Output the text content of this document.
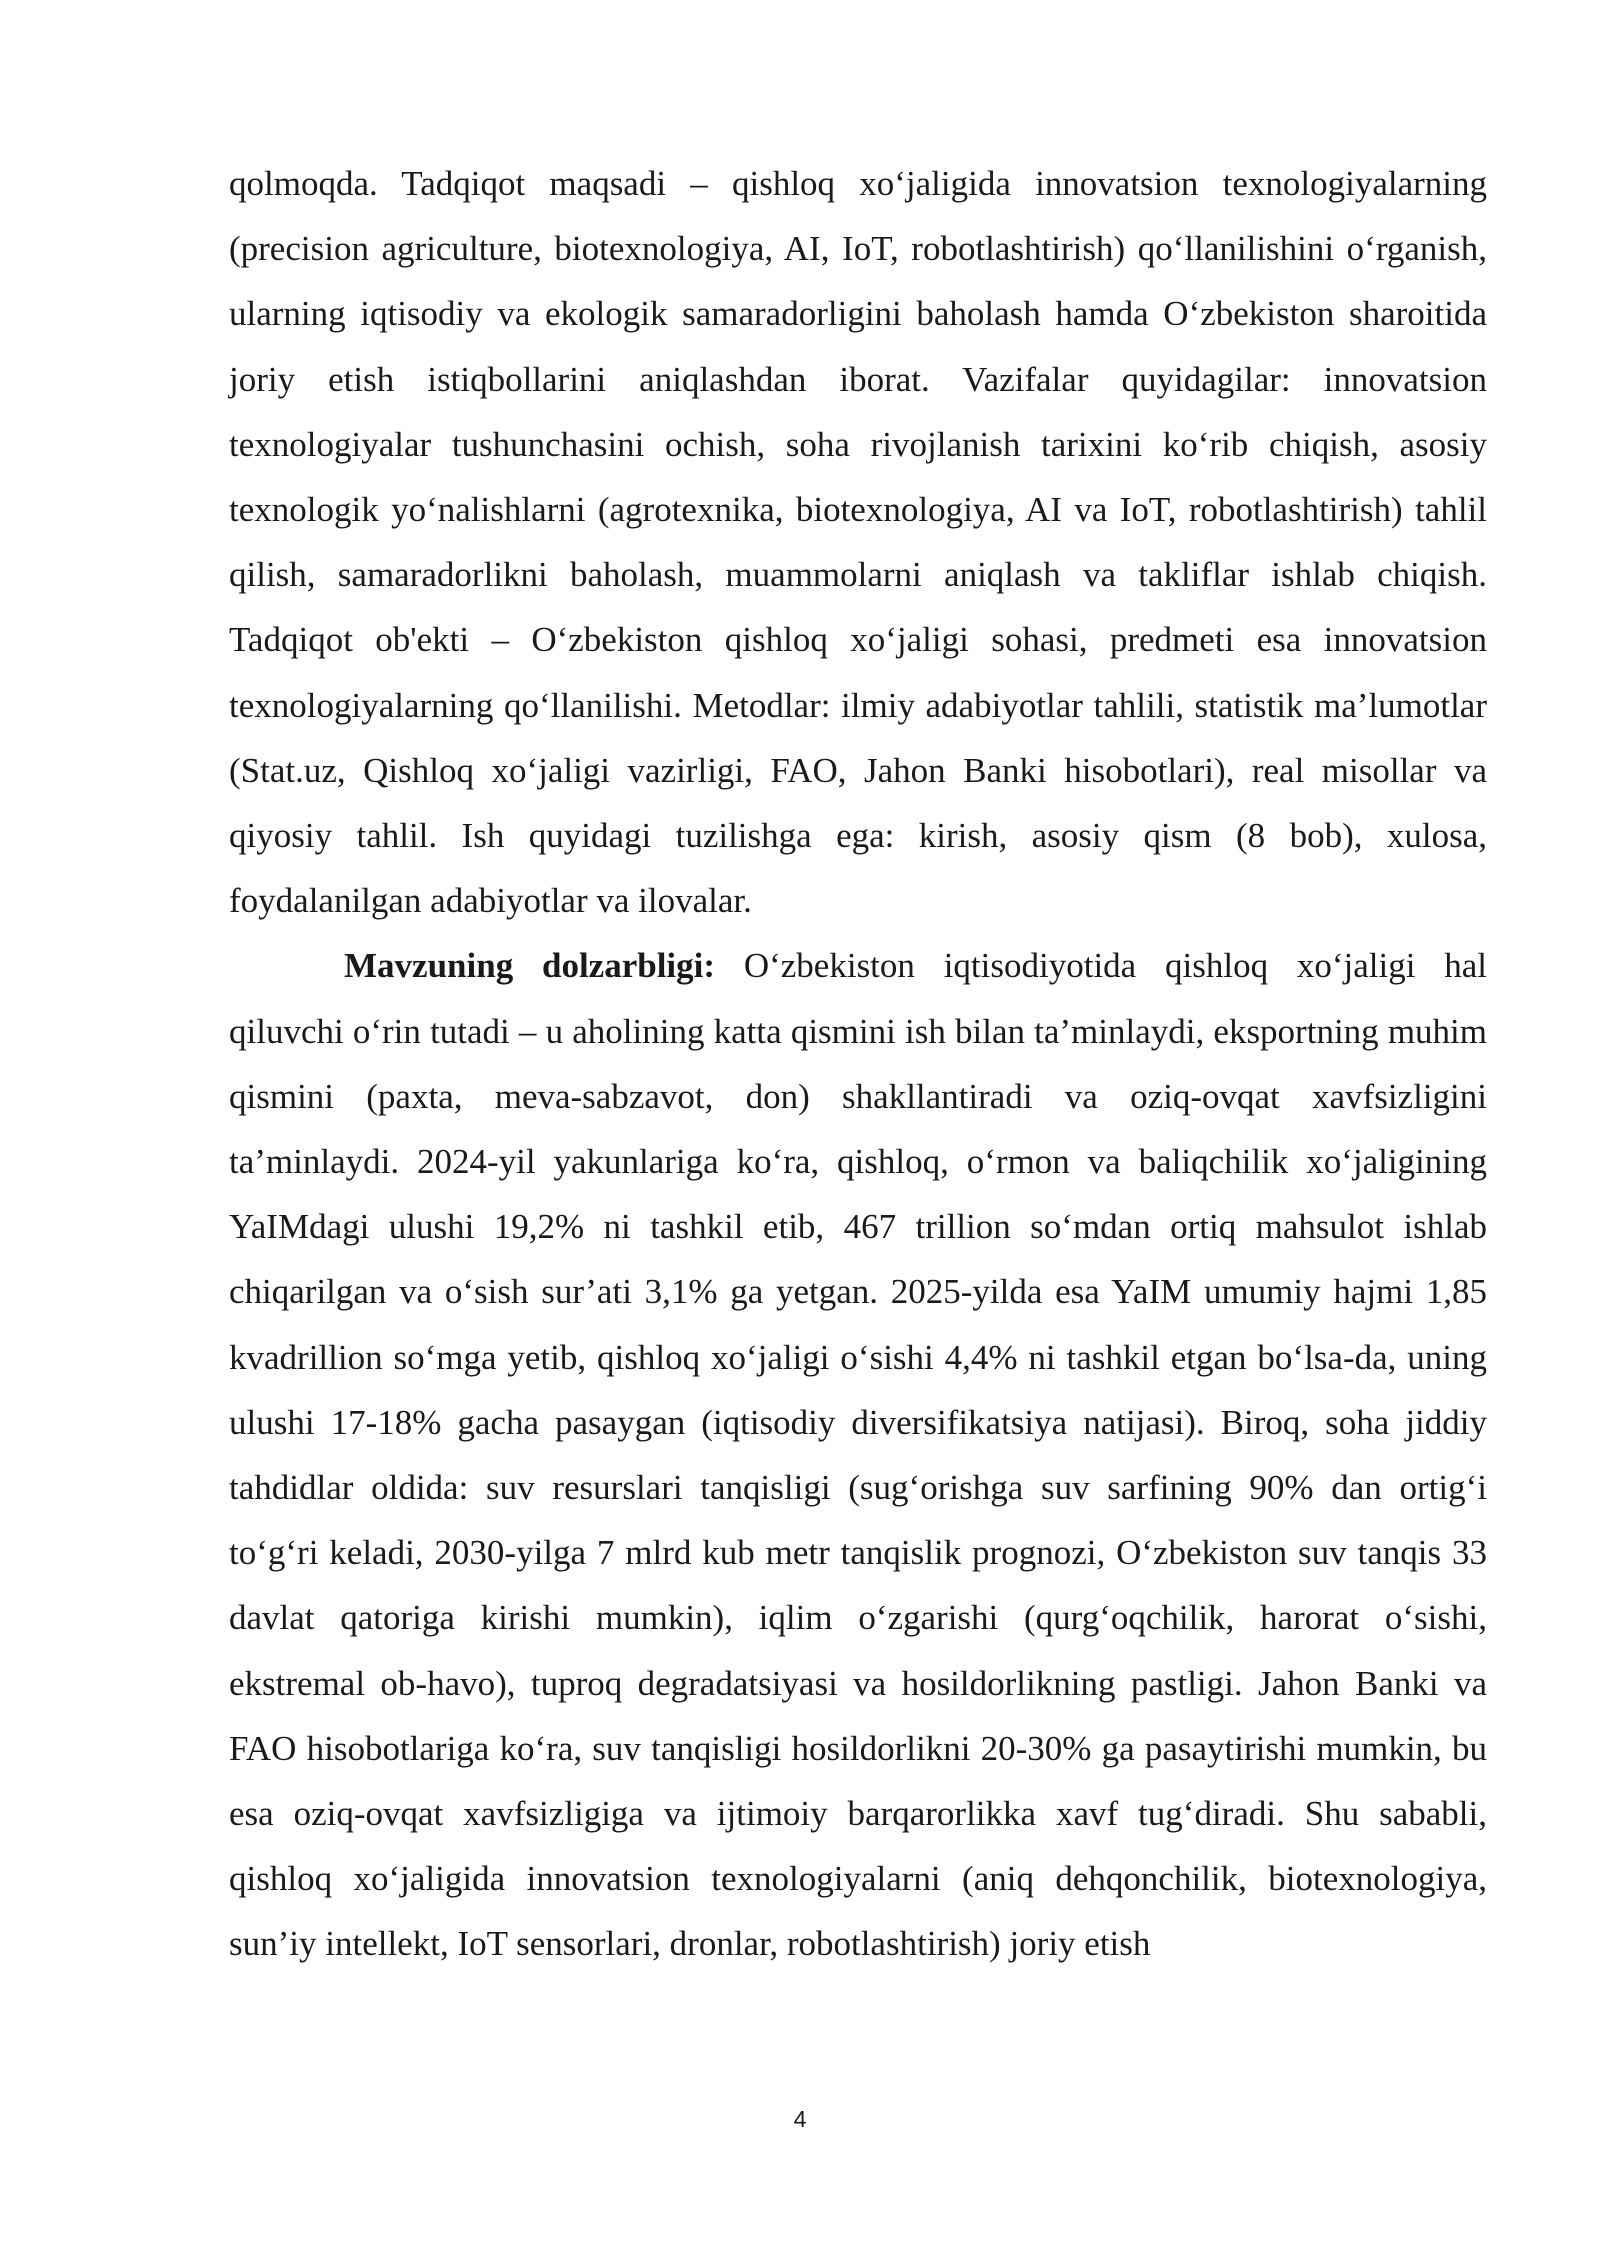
qolmoqda. Tadqiqot maqsadi – qishloq xo‘jaligida innovatsion texnologiyalarning (precision agriculture, biotexnologiya, AI, IoT, robotlashtirish) qo‘llanilishini o‘rganish, ularning iqtisodiy va ekologik samaradorligini baholash hamda O‘zbekiston sharoitida joriy etish istiqbollarini aniqlashdan iborat. Vazifalar quyidagilar: innovatsion texnologiyalar tushunchasini ochish, soha rivojlanish tarixini ko‘rib chiqish, asosiy texnologik yo‘nalishlarni (agrotexnika, biotexnologiya, AI va IoT, robotlashtirish) tahlil qilish, samaradorlikni baholash, muammolarni aniqlash va takliflar ishlab chiqish. Tadqiqot ob'ekti – O‘zbekiston qishloq xo‘jaligi sohasi, predmeti esa innovatsion texnologiyalarning qo‘llanilishi. Metodlar: ilmiy adabiyotlar tahlili, statistik ma’lumotlar (Stat.uz, Qishloq xo‘jaligi vazirligi, FAO, Jahon Banki hisobotlari), real misollar va qiyosiy tahlil. Ish quyidagi tuzilishga ega: kirish, asosiy qism (8 bob), xulosa, foydalanilgan adabiyotlar va ilovalar.

Mavzuning dolzarbligi: O‘zbekiston iqtisodiyotida qishloq xo‘jaligi hal qiluvchi o‘rin tutadi – u aholining katta qismini ish bilan ta’minlaydi, eksportning muhim qismini (paxta, meva-sabzavot, don) shakllantiradi va oziq-ovqat xavfsizligini ta’minlaydi. 2024-yil yakunlariga ko‘ra, qishloq, o‘rmon va baliqchilik xo‘jaligining YaIMdagi ulushi 19,2% ni tashkil etib, 467 trillion so‘mdan ortiq mahsulot ishlab chiqarilgan va o‘sish sur’ati 3,1% ga yetgan. 2025-yilda esa YaIM umumiy hajmi 1,85 kvadrillion so‘mga yetib, qishloq xo‘jaligi o‘sishi 4,4% ni tashkil etgan bo‘lsa-da, uning ulushi 17-18% gacha pasaygan (iqtisodiy diversifikatsiya natijasi). Biroq, soha jiddiy tahdidlar oldida: suv resurslari tanqisligi (sug‘orishga suv sarfining 90% dan ortig‘i to‘g‘ri keladi, 2030-yilga 7 mlrd kub metr tanqislik prognozi, O‘zbekiston suv tanqis 33 davlat qatoriga kirishi mumkin), iqlim o‘zgarishi (qurg‘oqchilik, harorat o‘sishi, ekstremal ob-havo), tuproq degradatsiyasi va hosildorlikning pastligi. Jahon Banki va FAO hisobotlariga ko‘ra, suv tanqisligi hosildorlikni 20-30% ga pasaytirishi mumkin, bu esa oziq-ovqat xavfsizligiga va ijtimoiy barqarorlikka xavf tug‘diradi. Shu sababli, qishloq xo‘jaligida innovatsion texnologiyalarni (aniq dehqonchilik, biotexnologiya, sun’iy intellekt, IoT sensorlari, dronlar, robotlashtirish) joriy etish

4
